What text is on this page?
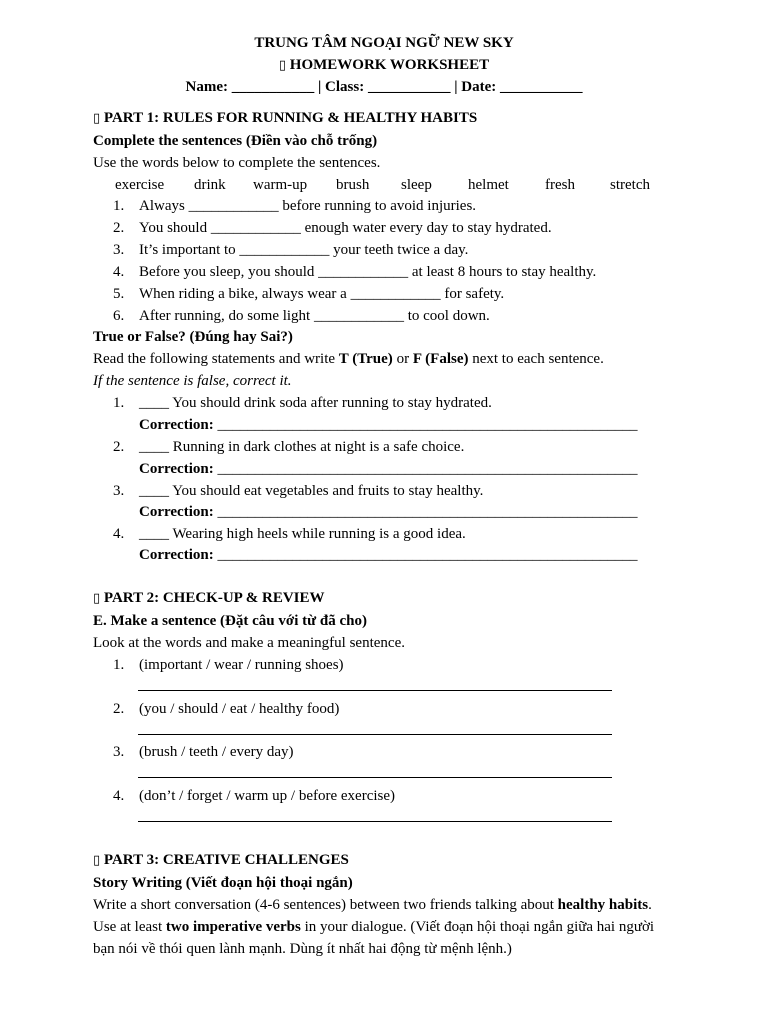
TRUNG TÂM NGOẠI NGỮ NEW SKY
▯ HOMEWORK WORKSHEET
Name: ___________ | Class: ___________ | Date: ___________
▯ PART 1: RULES FOR RUNNING & HEALTHY HABITS
Complete the sentences (Điền vào chỗ trống)
Use the words below to complete the sentences.
exercise drink warm-up brush sleep helmet fresh stretch
1. Always ____________ before running to avoid injuries.
2. You should ____________ enough water every day to stay hydrated.
3. It’s important to ____________ your teeth twice a day.
4. Before you sleep, you should ____________ at least 8 hours to stay healthy.
5. When riding a bike, always wear a ____________ for safety.
6. After running, do some light ____________ to cool down.
True or False? (Đúng hay Sai?)
Read the following statements and write T (True) or F (False) next to each sentence.
If the sentence is false, correct it.
1. ____ You should drink soda after running to stay hydrated.
Correction: ________________________________________________________
2. ____ Running in dark clothes at night is a safe choice.
Correction: ________________________________________________________
3. ____ You should eat vegetables and fruits to stay healthy.
Correction: ________________________________________________________
4. ____ Wearing high heels while running is a good idea.
Correction: ________________________________________________________
▯ PART 2: CHECK-UP & REVIEW
E. Make a sentence (Đặt câu với từ đã cho)
Look at the words and make a meaningful sentence.
1. (important / wear / running shoes)
2. (you / should / eat / healthy food)
3. (brush / teeth / every day)
4. (don’t / forget / warm up / before exercise)
▯ PART 3: CREATIVE CHALLENGES
Story Writing (Viết đoạn hội thoại ngắn)
Write a short conversation (4-6 sentences) between two friends talking about healthy habits.
Use at least two imperative verbs in your dialogue. (Viết đoạn hội thoại ngắn giữa hai người
bạn nói về thói quen lành mạnh. Dùng ít nhất hai động từ mệnh lệnh.)
